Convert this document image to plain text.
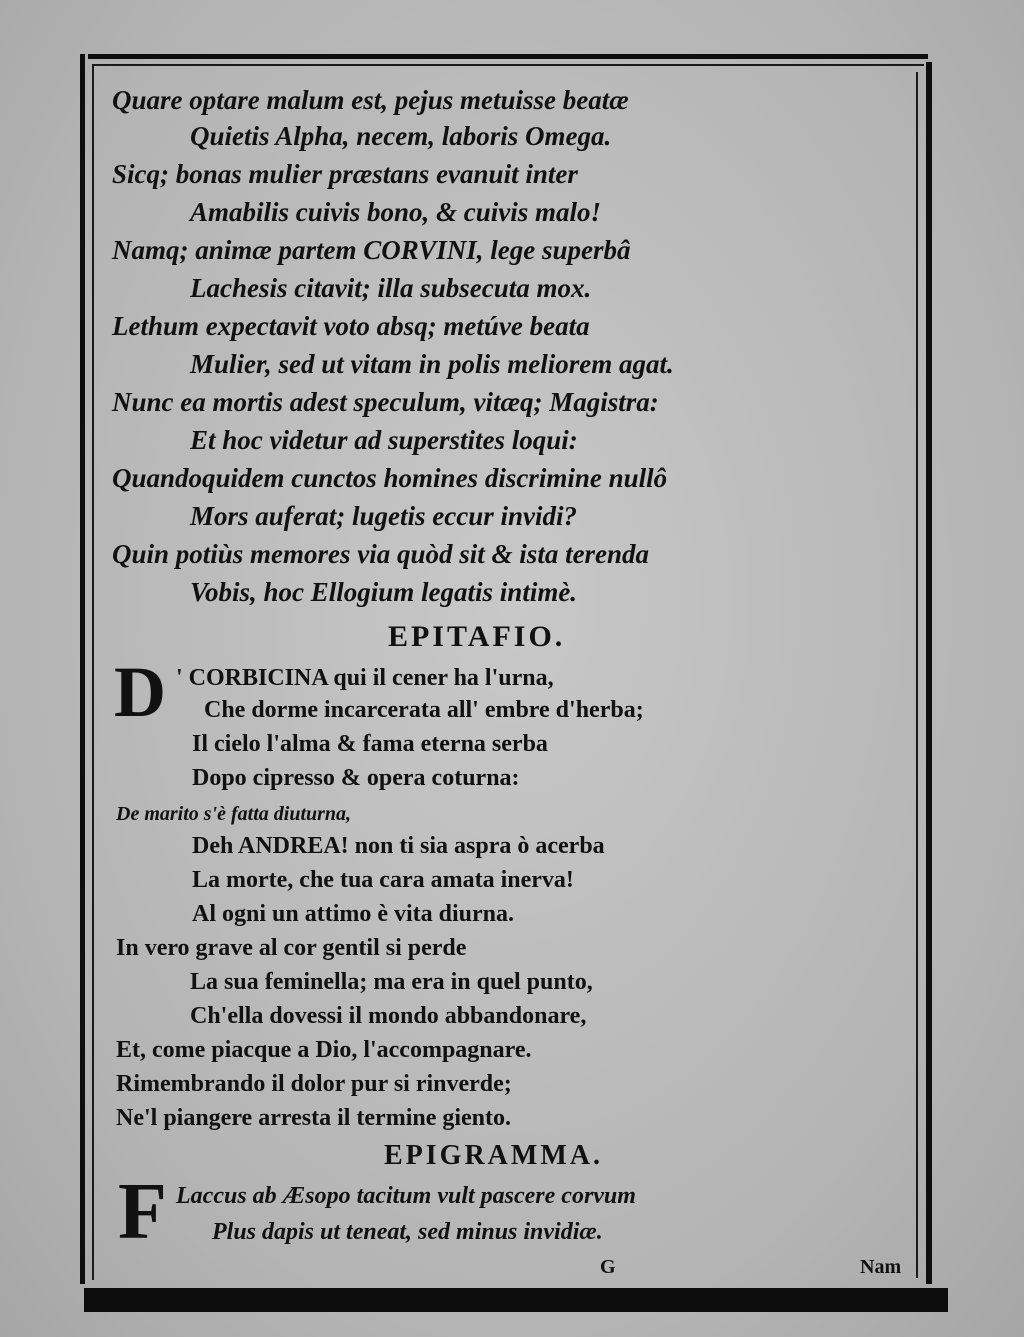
Quare optare malum est, pejus metuisse beatæ
Quietis Alpha, necem, laboris Omega.
Sicq; bonas mulier præstans evanuit inter
Amabilis cuivis bono, & cuivis malo!
Namq; animæ partem CORVINI, lege superbâ
Lachesis citavit; illa subsecuta mox.
Lethum expectavit voto absq; metúve beata
Mulier, sed ut vitam in polis meliorem agat.
Nunc ea mortis adest speculum, vitæq; Magistra:
Et hoc videtur ad superstites loqui:
Quandoquidem cunctos homines discrimine nullô
Mors auferat; lugetis eccur invidi?
Quin potiùs memores via quòd sit & ista terenda
Vobis, hoc Ellogium legatis intimè.
EPITAFIO.
D ' CORBICINA qui il cener ha l'urna,
Che dorme incarcerata all' embre d'herba;
Il cielo l'alma & fama eterna serba
Dopo cipresso & opera coturna:
De marito s'è fatta diuturna,
Deh ANDREA! non ti sia aspra ò acerba
La morte, che tua cara amata inerva!
Al ogni un attimo è vita diurna.
In vero grave al cor gentil si perde
La sua feminella; ma era in quel punto,
Ch'ella dovessi il mondo abbandonare,
Et, come piacque a Dio, l'accompagnare.
Rimembrando il dolor pur si rinverde;
Ne'l piangere arresta il termine giento.
EPIGRAMMA.
F Laccus ab Æsopo tacitum vult pascere corvum
Plus dapis ut teneat, sed minus invidiæ.
G	Nam
